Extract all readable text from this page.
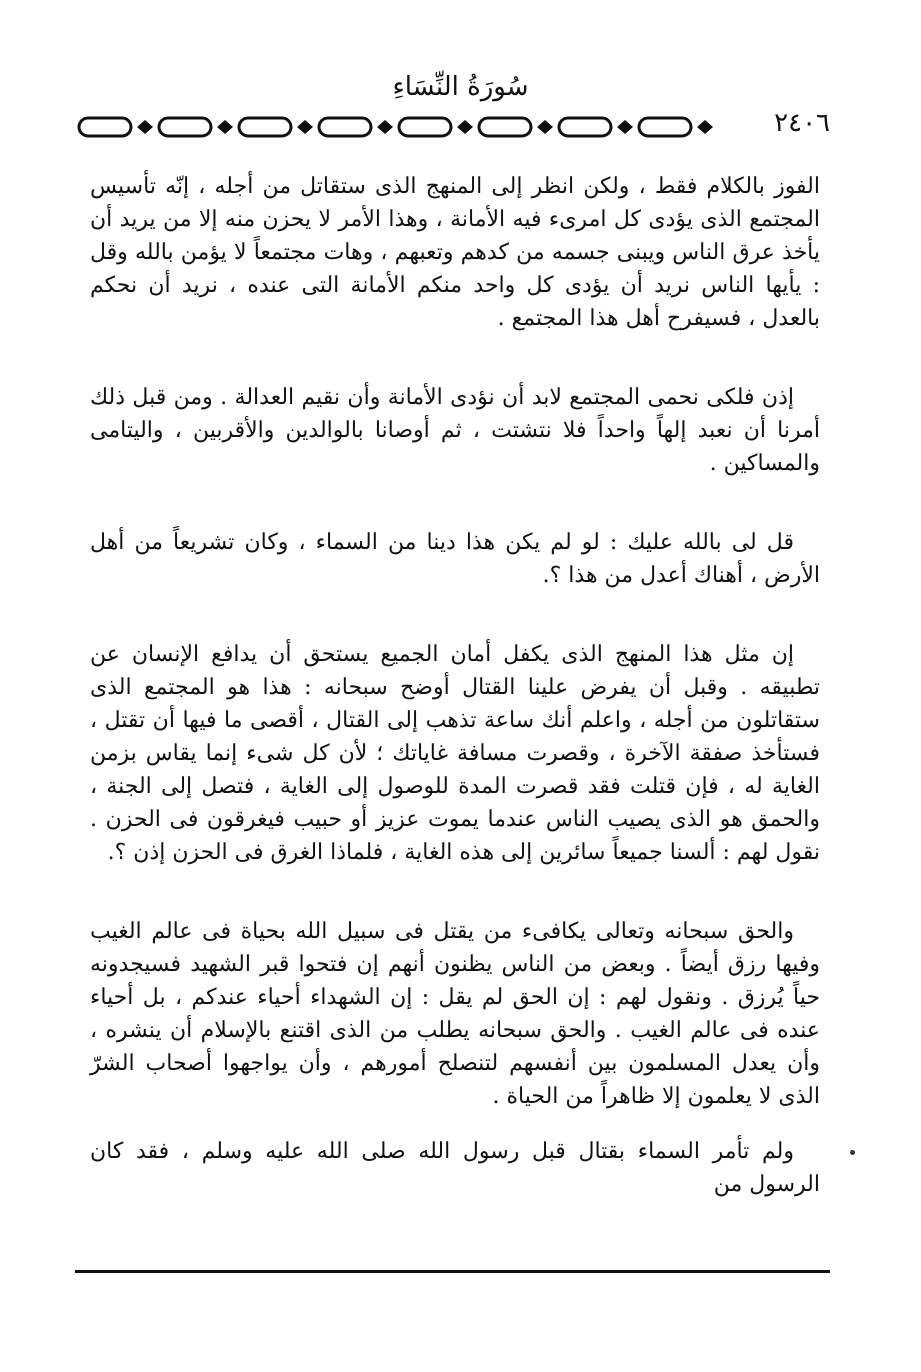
سُورَةُ النِّسَاءِ
٢٤٠٦

الفوز بالكلام فقط ، ولكن انظر إلى المنهج الذى ستقاتل من أجله ، إنّه تأسيس المجتمع الذى يؤدى كل امرىء فيه الأمانة ، وهذا الأمر لا يحزن منه إلا من يريد أن يأخذ عرق الناس ويبنى جسمه من كدهم وتعبهم ، وهات مجتمعاً لا يؤمن بالله وقل : يأيها الناس نريد أن يؤدى كل واحد منكم الأمانة التى عنده ، نريد أن نحكم بالعدل ، فسيفرح أهل هذا المجتمع .

إذن فلكى نحمى المجتمع لابد أن نؤدى الأمانة وأن نقيم العدالة . ومن قبل ذلك أمرنا أن نعبد إلهاً واحداً فلا نتشتت ، ثم أوصانا بالوالدين والأقربين ، واليتامى والمساكين .

قل لى بالله عليك : لو لم يكن هذا دينا من السماء ، وكان تشريعاً من أهل الأرض ، أهناك أعدل من هذا ؟.

إن مثل هذا المنهج الذى يكفل أمان الجميع يستحق أن يدافع الإنسان عن تطبيقه . وقبل أن يفرض علينا القتال أوضح سبحانه : هذا هو المجتمع الذى ستقاتلون من أجله ، واعلم أنك ساعة تذهب إلى القتال ، أقصى ما فيها أن تقتل ، فستأخذ صفقة الآخرة ، وقصرت مسافة غاياتك ؛ لأن كل شىء إنما يقاس بزمن الغاية له ، فإن قتلت فقد قصرت المدة للوصول إلى الغاية ، فتصل إلى الجنة ، والحمق هو الذى يصيب الناس عندما يموت عزيز أو حبيب فيغرقون فى الحزن . نقول لهم : ألسنا جميعاً سائرين إلى هذه الغاية ، فلماذا الغرق فى الحزن إذن ؟.

والحق سبحانه وتعالى يكافىء من يقتل فى سبيل الله بحياة فى عالم الغيب وفيها رزق أيضاً . وبعض من الناس يظنون أنهم إن فتحوا قبر الشهيد فسيجدونه حياً يُرزق . ونقول لهم : إن الحق لم يقل : إن الشهداء أحياء عندكم ، بل أحياء عنده فى عالم الغيب . والحق سبحانه يطلب من الذى اقتنع بالإسلام أن ينشره ، وأن يعدل المسلمون بين أنفسهم لتنصلح أمورهم ، وأن يواجهوا أصحاب الشرّ الذى لا يعلمون إلا ظاهراً من الحياة .

ولم تأمر السماء بقتال قبل رسول الله صلى الله عليه وسلم ، فقد كان الرسول من
